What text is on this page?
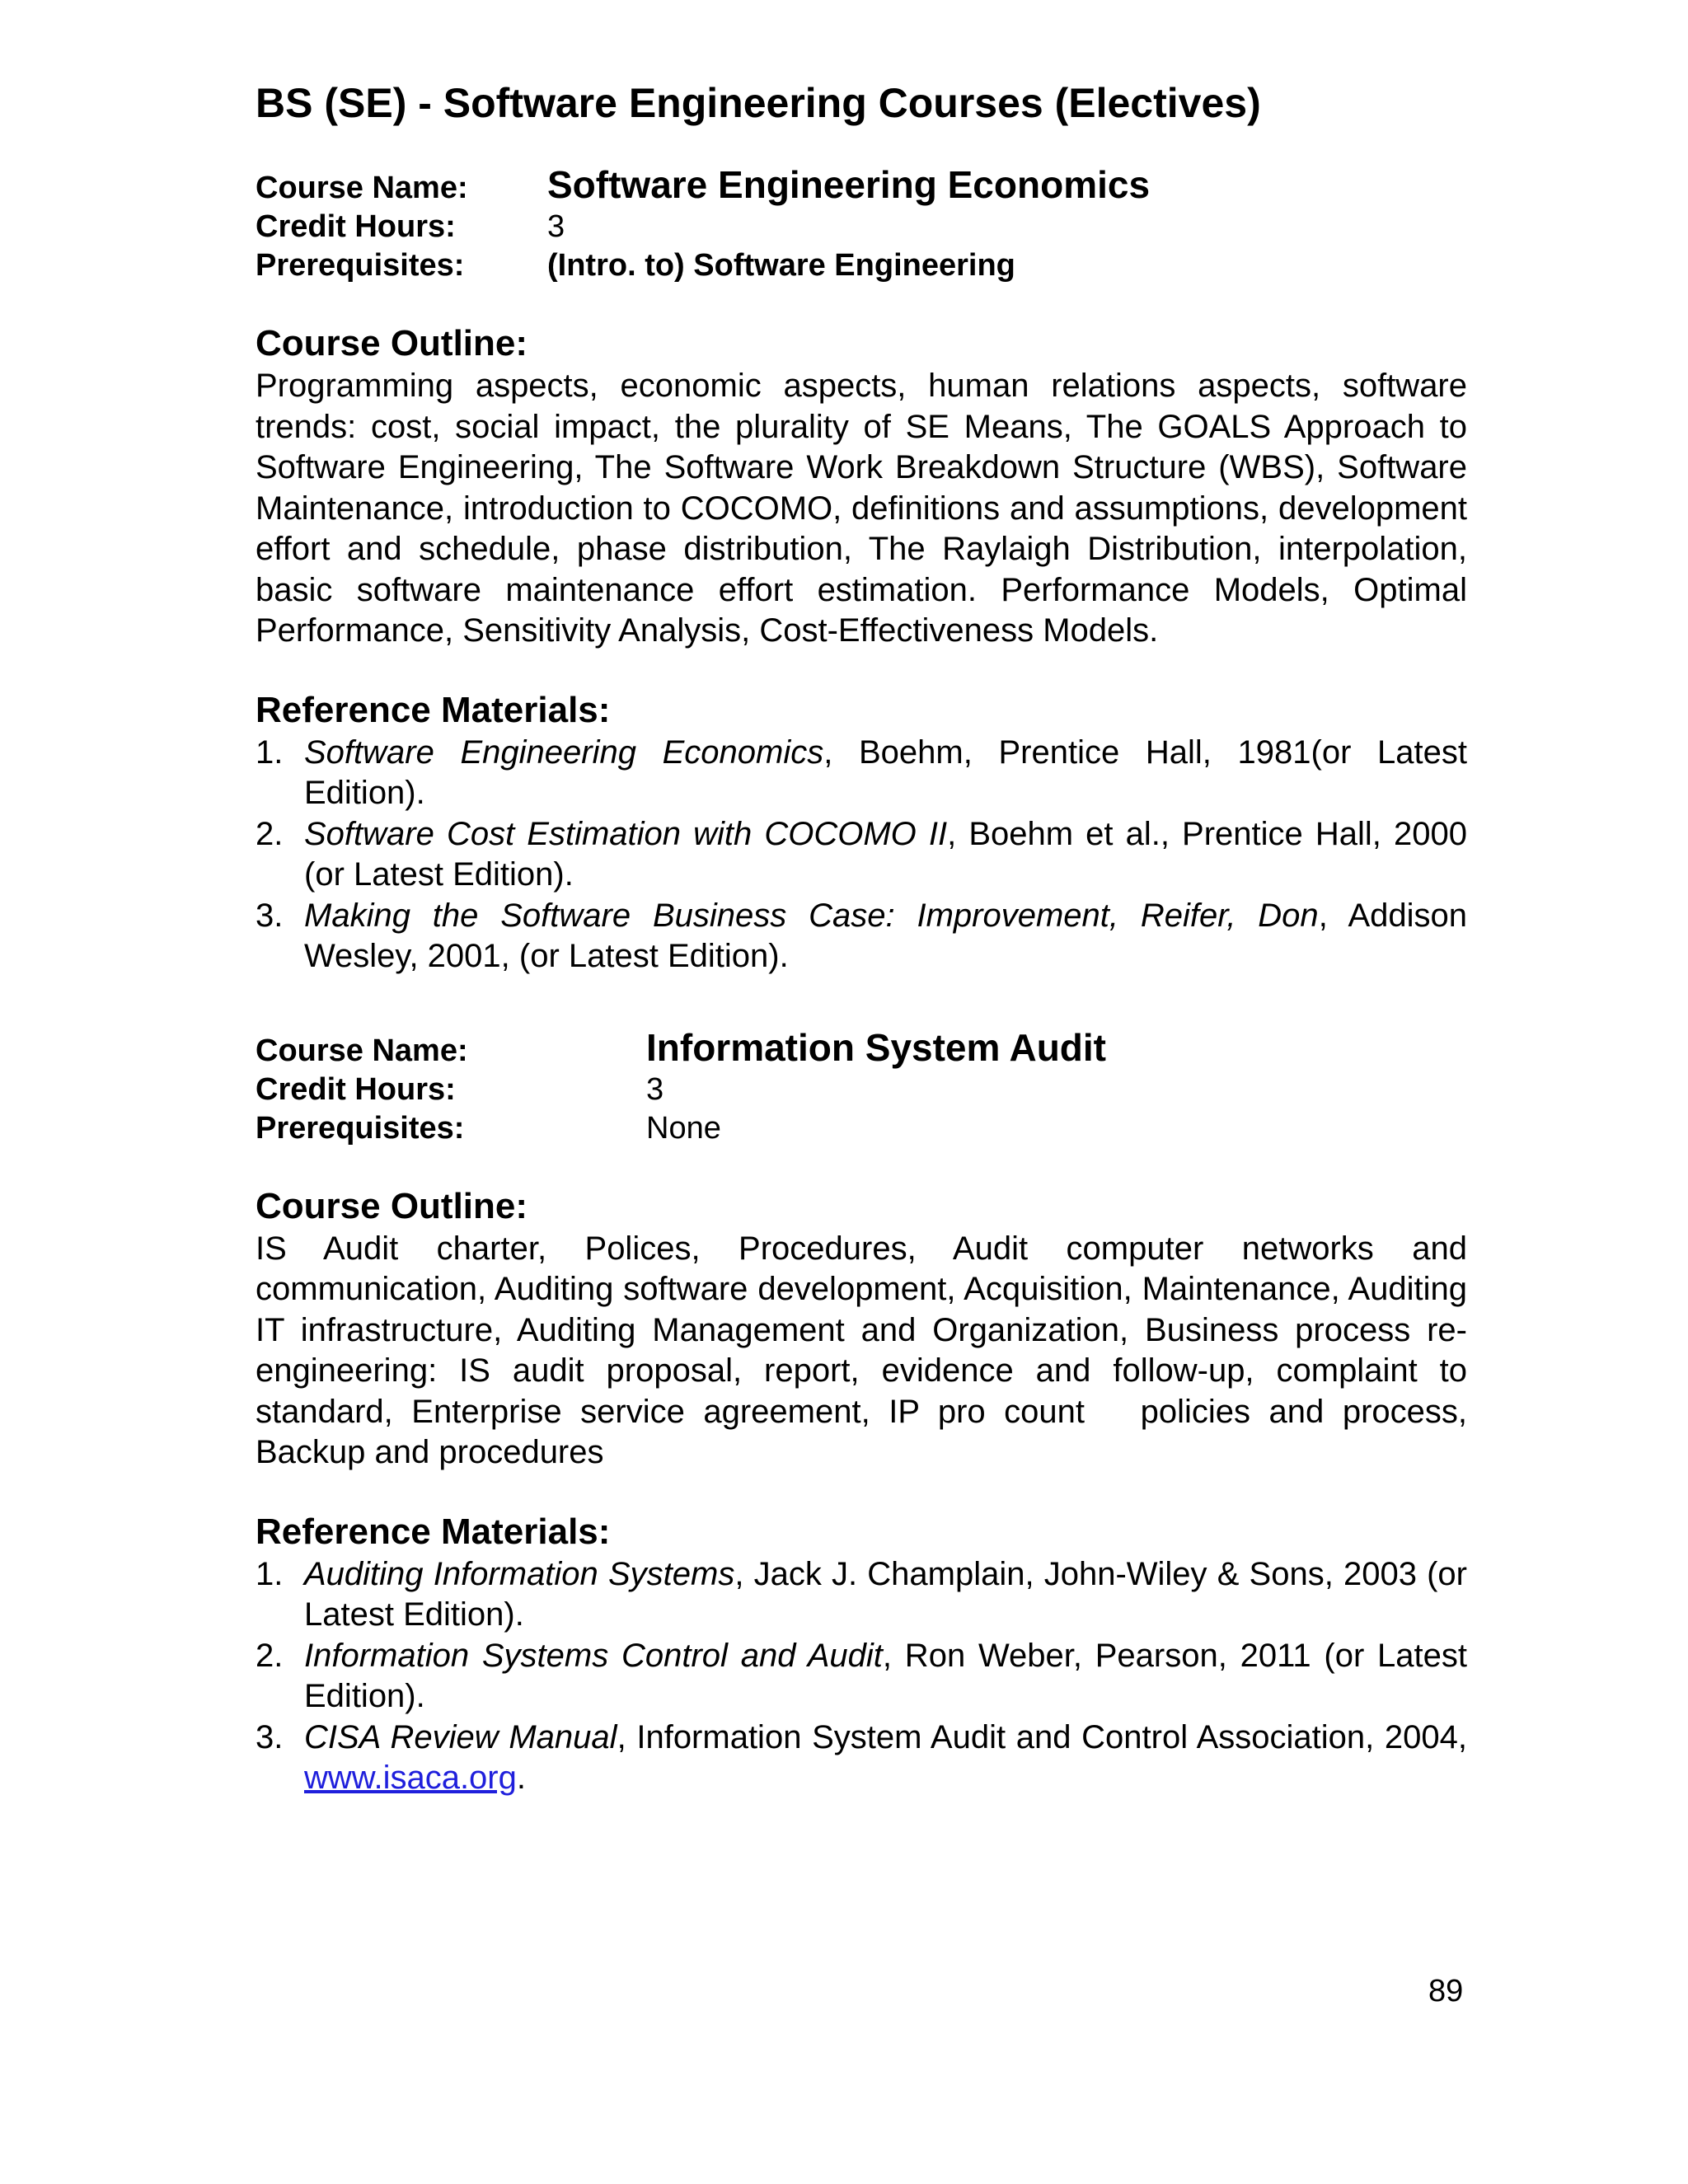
BS (SE) - Software Engineering Courses (Electives)
Course Name:	Software Engineering Economics
Credit Hours:	3
Prerequisites:	(Intro. to) Software Engineering
Course Outline:

Programming aspects, economic aspects, human relations aspects, software trends: cost, social impact, the plurality of SE Means, The GOALS Approach to Software Engineering, The Software Work Breakdown Structure (WBS), Software Maintenance, introduction to COCOMO, definitions and assumptions, development effort and schedule, phase distribution, The Raylaigh Distribution, interpolation, basic software maintenance effort estimation. Performance Models, Optimal Performance, Sensitivity Analysis, Cost-Effectiveness Models.

Reference Materials:
1. Software Engineering Economics, Boehm, Prentice Hall, 1981(or Latest Edition).
2. Software Cost Estimation with COCOMO II, Boehm et al., Prentice Hall, 2000 (or Latest Edition).
3. Making the Software Business Case: Improvement, Reifer, Don, Addison Wesley, 2001, (or Latest Edition).
Course Name:	Information System Audit
Credit Hours:	3
Prerequisites:	None
Course Outline:

IS Audit charter, Polices, Procedures, Audit computer networks and communication, Auditing software development, Acquisition, Maintenance, Auditing IT infrastructure, Auditing Management and Organization, Business process re-engineering: IS audit proposal, report, evidence and follow-up, complaint to standard, Enterprise service agreement, IP pro count   policies and process, Backup and procedures

Reference Materials:
1. Auditing Information Systems, Jack J. Champlain, John-Wiley & Sons, 2003 (or Latest Edition).
2. Information Systems Control and Audit, Ron Weber, Pearson, 2011 (or Latest Edition).
3. CISA Review Manual, Information System Audit and Control Association, 2004, www.isaca.org.
89
